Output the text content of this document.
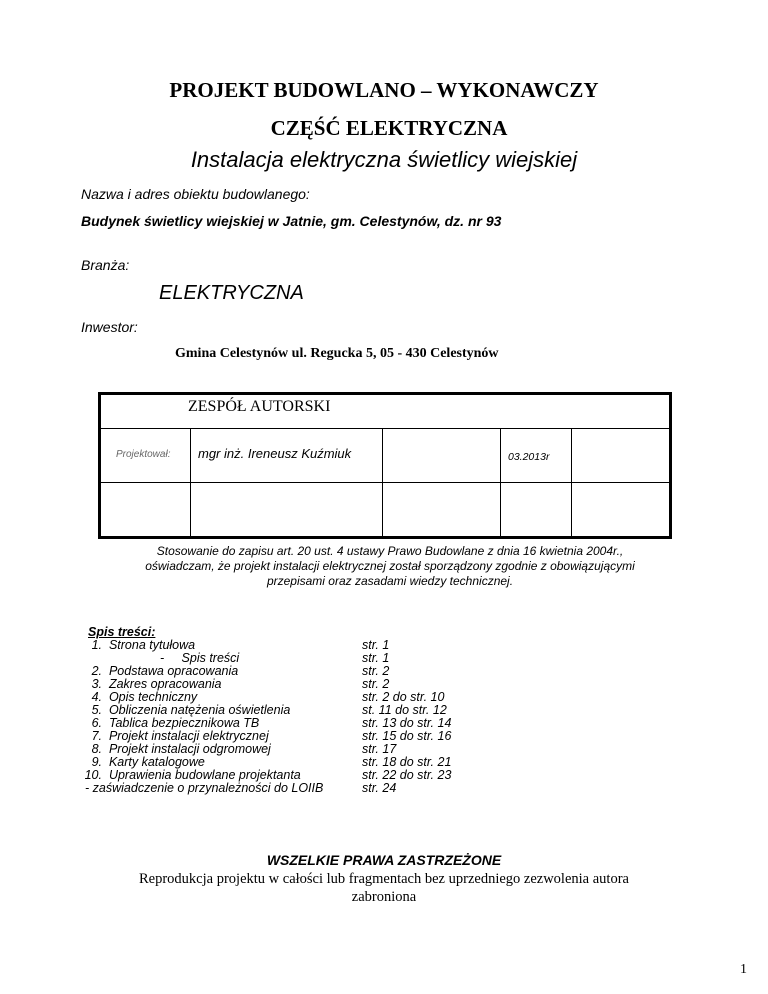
PROJEKT BUDOWLANO – WYKONAWCZY
CZĘŚĆ ELEKTRYCZNA
Instalacja elektryczna świetlicy wiejskiej
Nazwa i adres obiektu budowlanego:
Budynek świetlicy wiejskiej w Jatnie, gm. Celestynów, dz. nr 93
Branża:
ELEKTRYCZNA
Inwestor:
Gmina Celestynów ul. Regucka 5, 05 - 430 Celestynów
ZESPÓŁ AUTORSKI
Projektował: mgr inż. Ireneusz Kuźmiuk	03.2013r
Stosowanie do zapisu art. 20 ust. 4 ustawy Prawo Budowlane z dnia 16 kwietnia 2004r., oświadczam, że projekt instalacji elektrycznej został sporządzony zgodnie z obowiązującymi przepisami oraz zasadami wiedzy technicznej.
Spis treści:
1. Strona tytułowa	str. 1
- Spis treści	str. 1
2. Podstawa opracowania	str. 2
3. Zakres opracowania	str. 2
4. Opis techniczny	str. 2 do str. 10
5. Obliczenia natężenia oświetlenia	st. 11 do str. 12
6. Tablica bezpiecznikowa TB	str. 13 do str. 14
7. Projekt instalacji elektrycznej	str. 15 do str. 16
8. Projekt instalacji odgromowej	str. 17
9. Karty katalogowe	str. 18 do str. 21
10. Uprawienia budowlane projektanta	str. 22 do str. 23
- zaświadczenie o przynależności do LOIIB	str. 24
WSZELKIE PRAWA ZASTRZEŻONE
Reprodukcja projektu w całości lub fragmentach bez uprzedniego zezwolenia autora zabroniona
1
